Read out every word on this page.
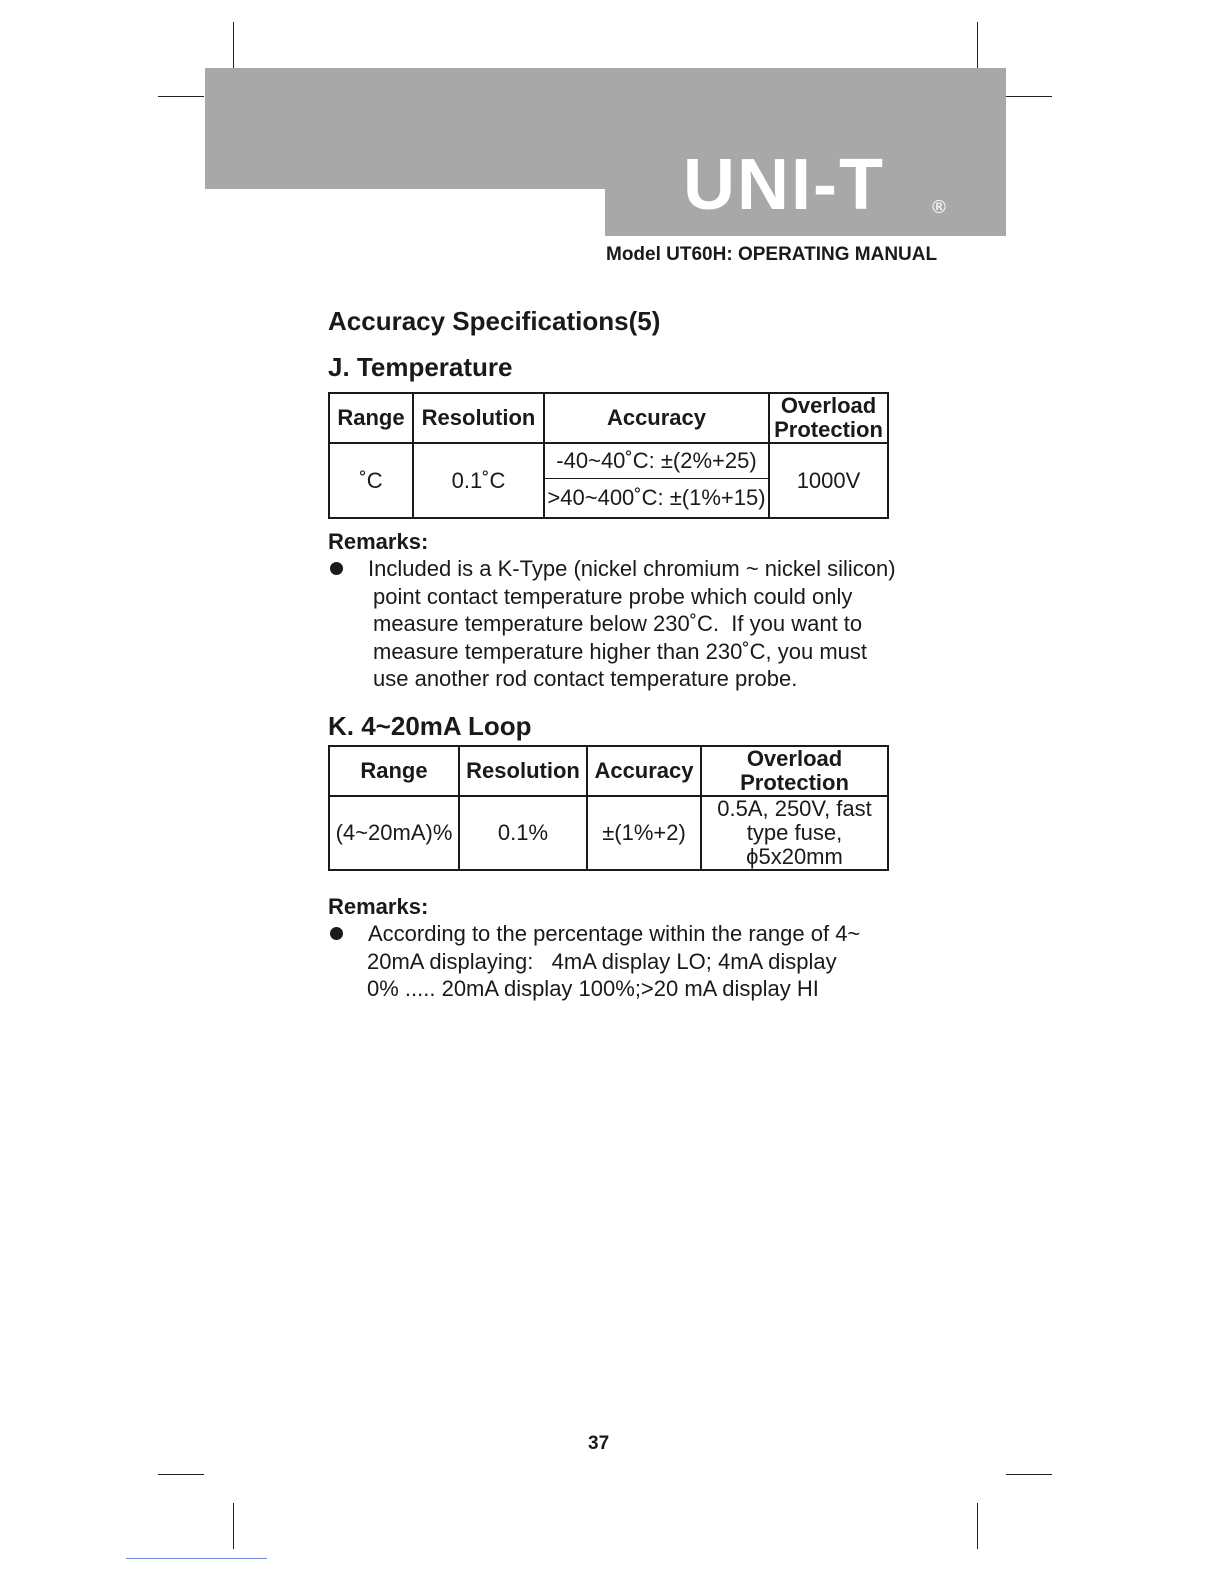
UNI-T	®
Model UT60H: OPERATING MANUAL
Accuracy Specifications(5)
J. Temperature
Range	Resolution	Accuracy	Overload
Protection

˚C	0.1˚C	-40~40˚C: ±(2%+25)
>40~400˚C: ±(1%+15)	1000V
Remarks:
Included is a K-Type (nickel chromium ~ nickel silicon)
point contact temperature probe which could only
measure temperature below 230˚C.  If you want to
measure temperature higher than 230˚C, you must
use another rod contact temperature probe.
K. 4~20mA Loop
Range	Resolution	Accuracy	Overload
Protection

(4~20mA)%	0.1%	±(1%+2)	0.5A, 250V, fast
type fuse,
ϕ5x20mm
Remarks:
According to the percentage within the range of 4~
20mA displaying:   4mA display LO; 4mA display
0% ..... 20mA display 100%;>20 mA display HI
37
